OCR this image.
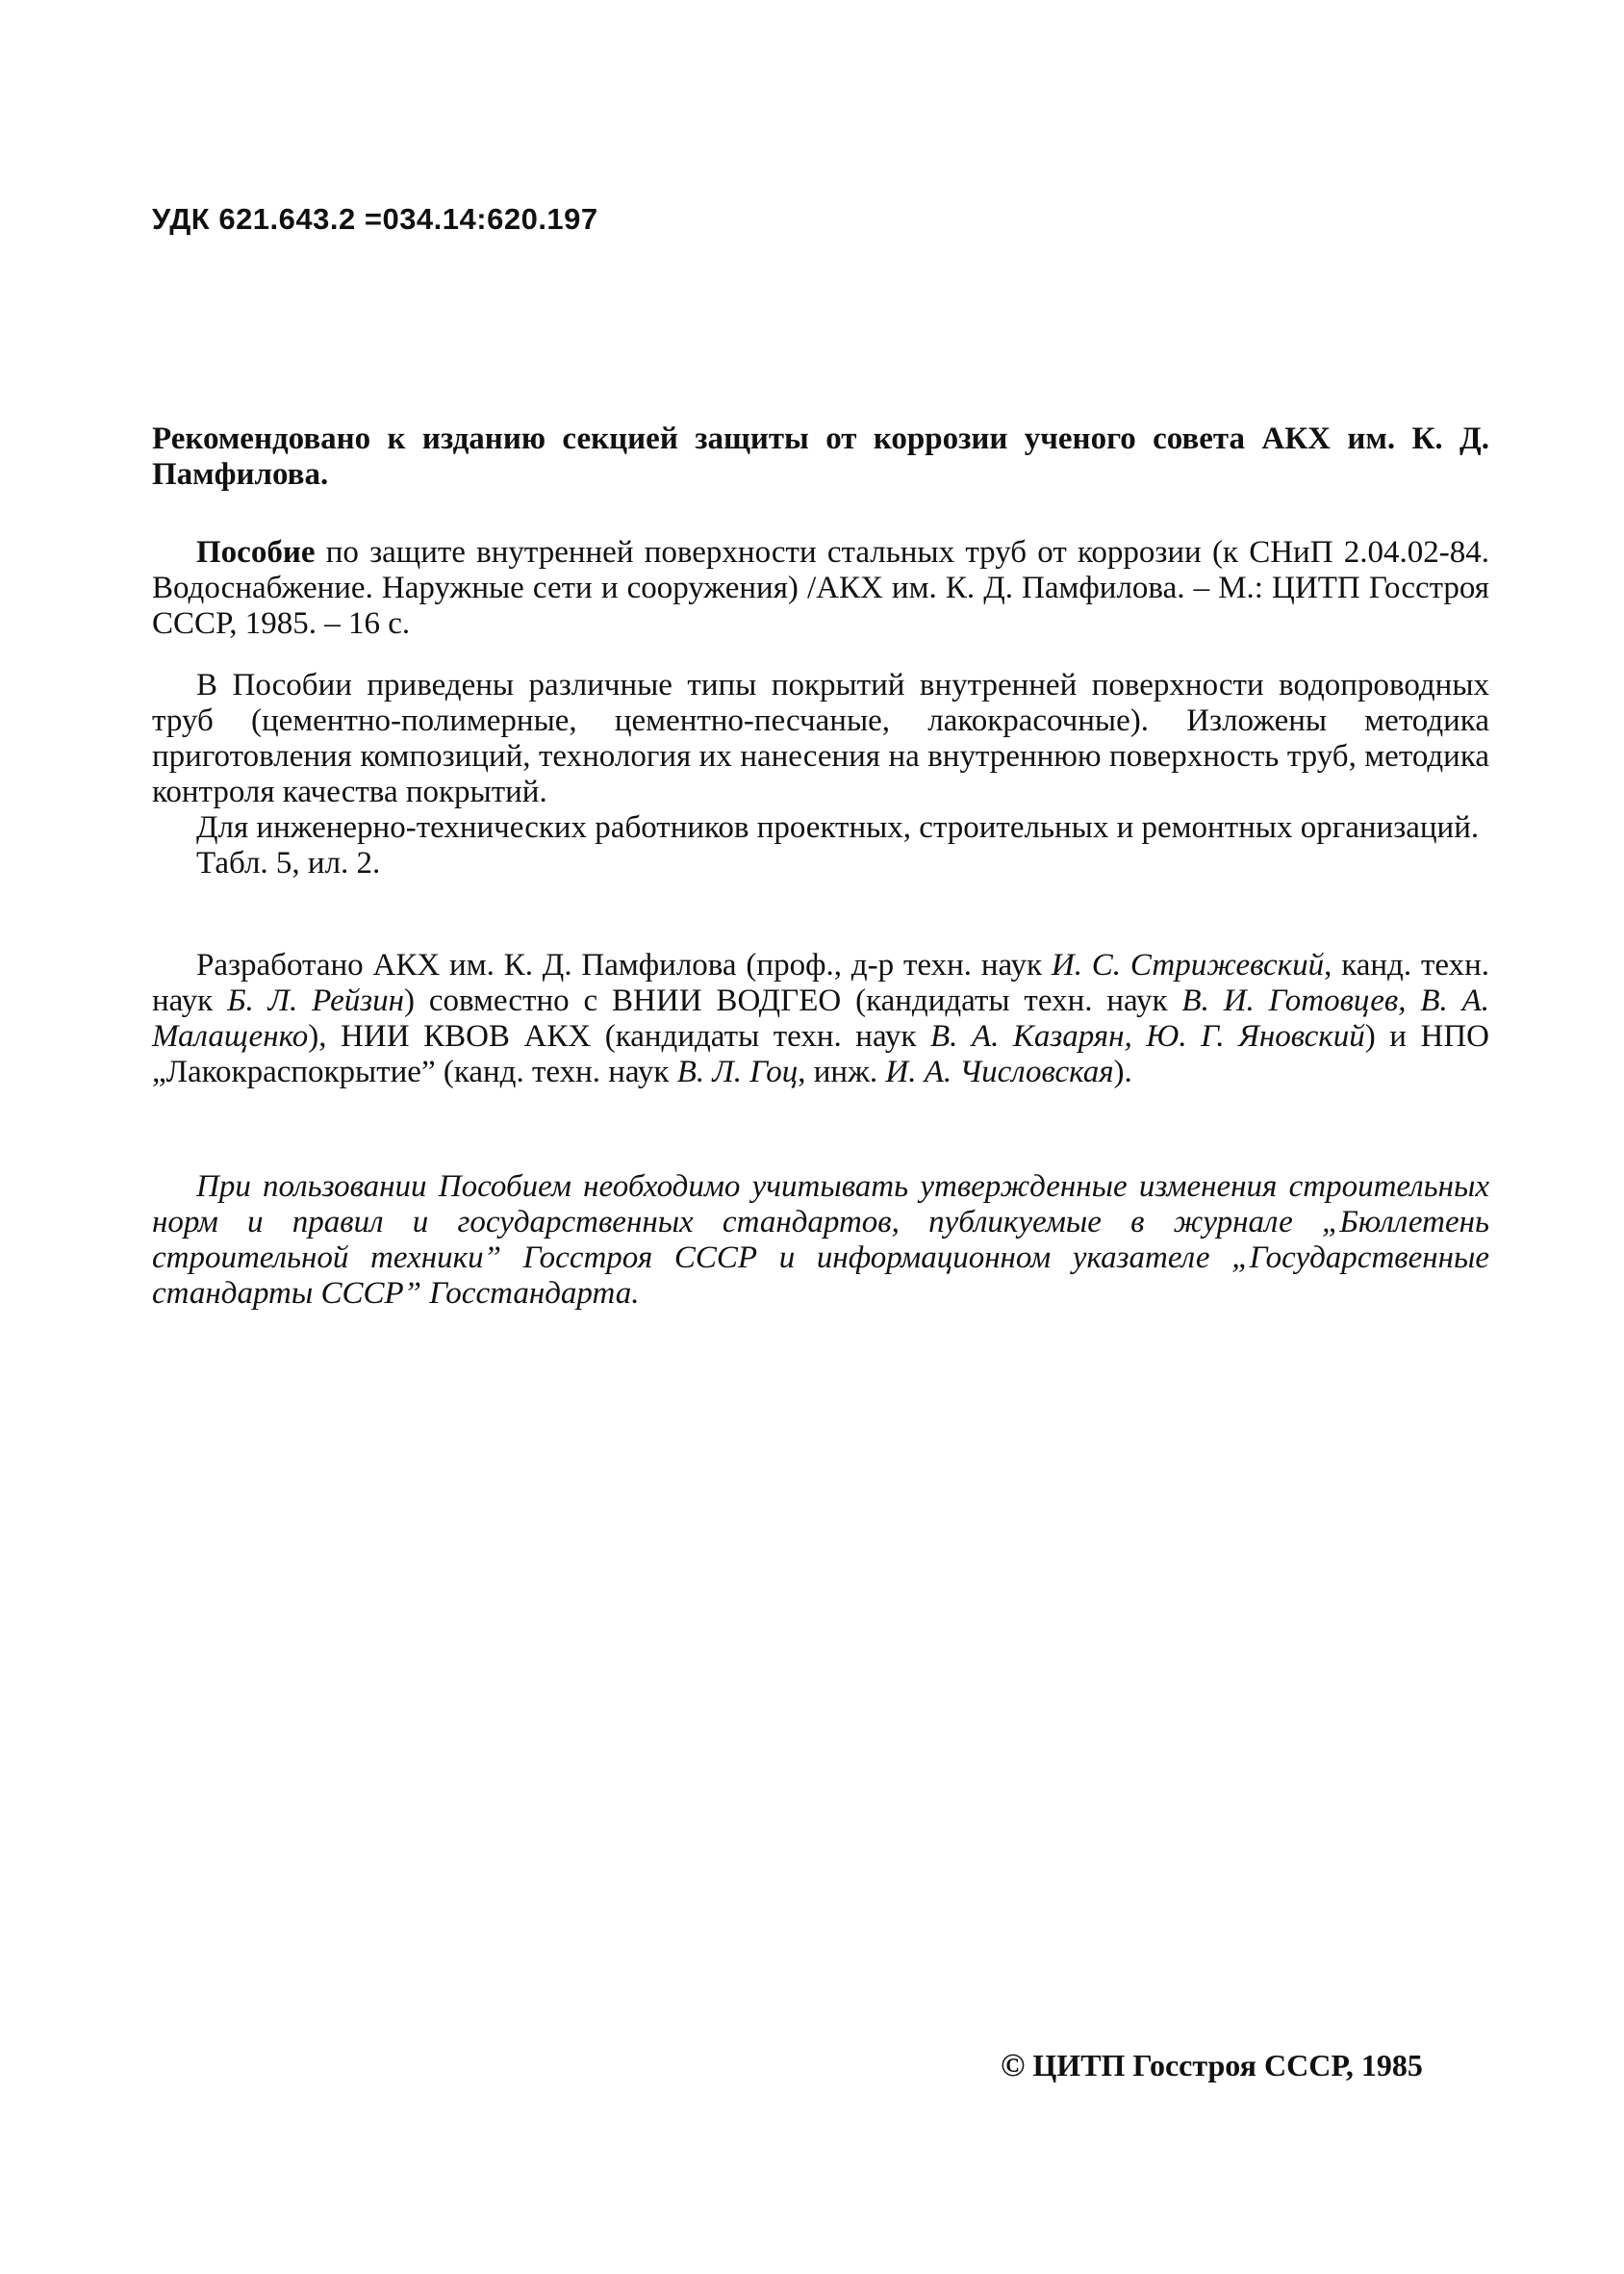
УДК 621.643.2 =034.14:620.197

Рекомендовано к изданию секцией защиты от коррозии ученого совета АКХ им. К. Д. Памфилова.

Пособие по защите внутренней поверхности стальных труб от коррозии (к СНиП 2.04.02-84. Водоснабжение. Наружные сети и сооружения) /АКХ им. К. Д. Памфилова. – М.: ЦИТП Госстроя СССР, 1985. – 16 с.

В Пособии приведены различные типы покрытий внутренней поверхности водопроводных труб (цементно-полимерные, цементно-песчаные, лакокрасочные). Изложены методика приготовления композиций, технология их нанесения на внутреннюю поверхность труб, методика контроля качества покрытий.

Для инженерно-технических работников проектных, строительных и ремонтных организаций.

Табл. 5, ил. 2.

Разработано АКХ им. К. Д. Памфилова (проф., д-р техн. наук И. С. Стрижевский, канд. техн. наук Б. Л. Рейзин) совместно с ВНИИ ВОДГЕО (кандидаты техн. наук В. И. Готовцев, В. А. Малащенко), НИИ КВОВ АКХ (кандидаты техн. наук В. А. Казарян, Ю. Г. Яновский) и НПО „Лакокраспокрытие” (канд. техн. наук В. Л. Гоц, инж. И. А. Числовская).

При пользовании Пособием необходимо учитывать утвержденные изменения строительных норм и правил и государственных стандартов, публикуемые в журнале „Бюллетень строительной техники” Госстроя СССР и информационном указателе „Государственные стандарты СССР” Госстандарта.

© ЦИТП Госстроя СССР, 1985
